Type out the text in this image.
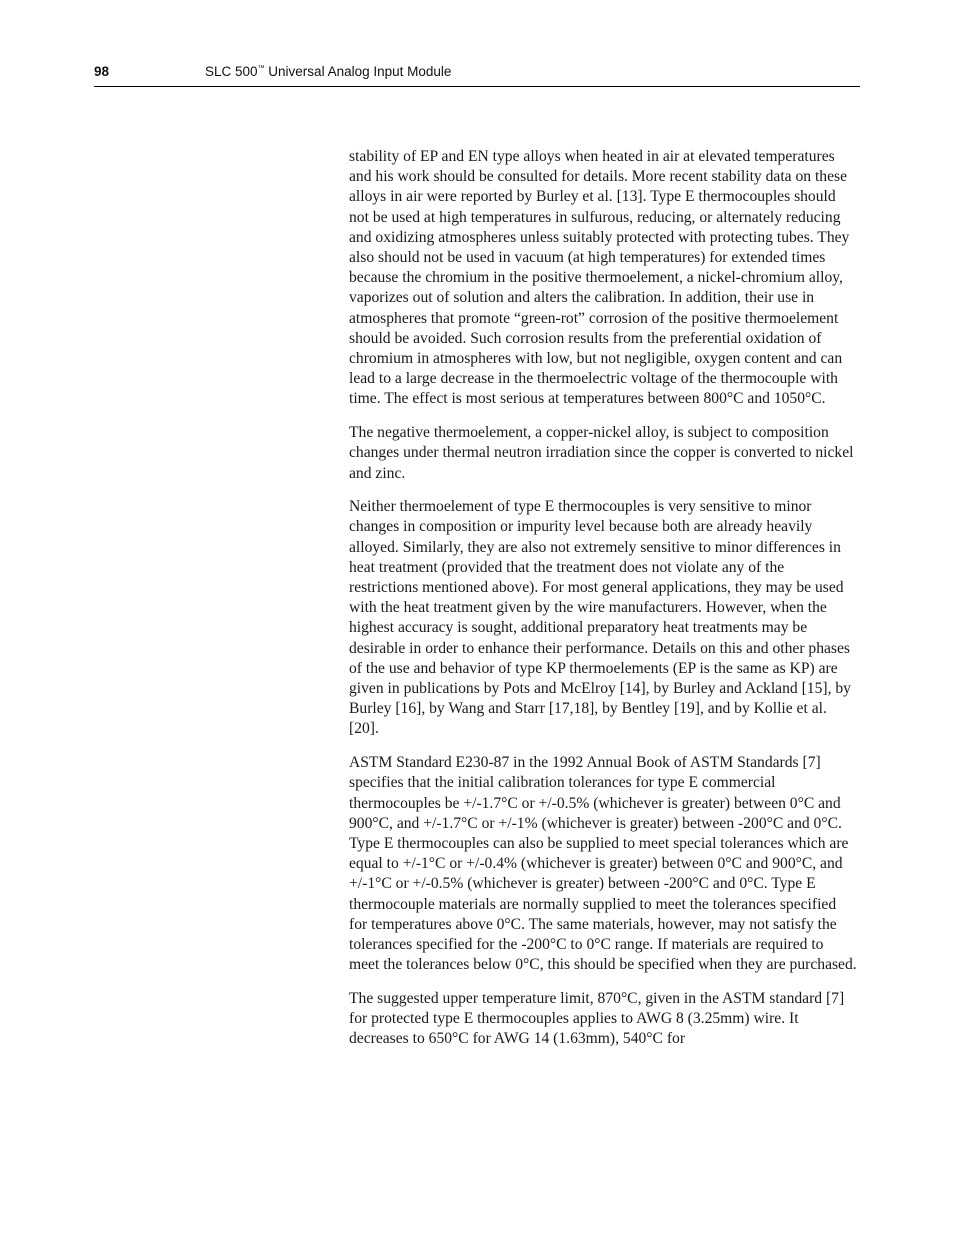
98	SLC 500™ Universal Analog Input Module

stability of EP and EN type alloys when heated in air at elevated temperatures and his work should be consulted for details. More recent stability data on these alloys in air were reported by Burley et al. [13]. Type E thermocouples should not be used at high temperatures in sulfurous, reducing, or alternately reducing and oxidizing atmospheres unless suitably protected with protecting tubes. They also should not be used in vacuum (at high temperatures) for extended times because the chromium in the positive thermoelement, a nickel-chromium alloy, vaporizes out of solution and alters the calibration. In addition, their use in atmospheres that promote “green-rot” corrosion of the positive thermoelement should be avoided. Such corrosion results from the preferential oxidation of chromium in atmospheres with low, but not negligible, oxygen content and can lead to a large decrease in the thermoelectric voltage of the thermocouple with time. The effect is most serious at temperatures between 800°C and 1050°C.

The negative thermoelement, a copper-nickel alloy, is subject to composition changes under thermal neutron irradiation since the copper is converted to nickel and zinc.

Neither thermoelement of type E thermocouples is very sensitive to minor changes in composition or impurity level because both are already heavily alloyed. Similarly, they are also not extremely sensitive to minor differences in heat treatment (provided that the treatment does not violate any of the restrictions mentioned above). For most general applications, they may be used with the heat treatment given by the wire manufacturers. However, when the highest accuracy is sought, additional preparatory heat treatments may be desirable in order to enhance their performance. Details on this and other phases of the use and behavior of type KP thermoelements (EP is the same as KP) are given in publications by Pots and McElroy [14], by Burley and Ackland [15], by Burley [16], by Wang and Starr [17,18], by Bentley [19], and by Kollie et al. [20].

ASTM Standard E230-87 in the 1992 Annual Book of ASTM Standards [7] specifies that the initial calibration tolerances for type E commercial thermocouples be +/-1.7°C or +/-0.5% (whichever is greater) between 0°C and 900°C, and +/-1.7°C or +/-1% (whichever is greater) between -200°C and 0°C. Type E thermocouples can also be supplied to meet special tolerances which are equal to +/-1°C or +/-0.4% (whichever is greater) between 0°C and 900°C, and +/-1°C or +/-0.5% (whichever is greater) between -200°C and 0°C. Type E thermocouple materials are normally supplied to meet the tolerances specified for temperatures above 0°C. The same materials, however, may not satisfy the tolerances specified for the -200°C to 0°C range. If materials are required to meet the tolerances below 0°C, this should be specified when they are purchased.

The suggested upper temperature limit, 870°C, given in the ASTM standard [7] for protected type E thermocouples applies to AWG 8 (3.25mm) wire. It decreases to 650°C for AWG 14 (1.63mm), 540°C for
